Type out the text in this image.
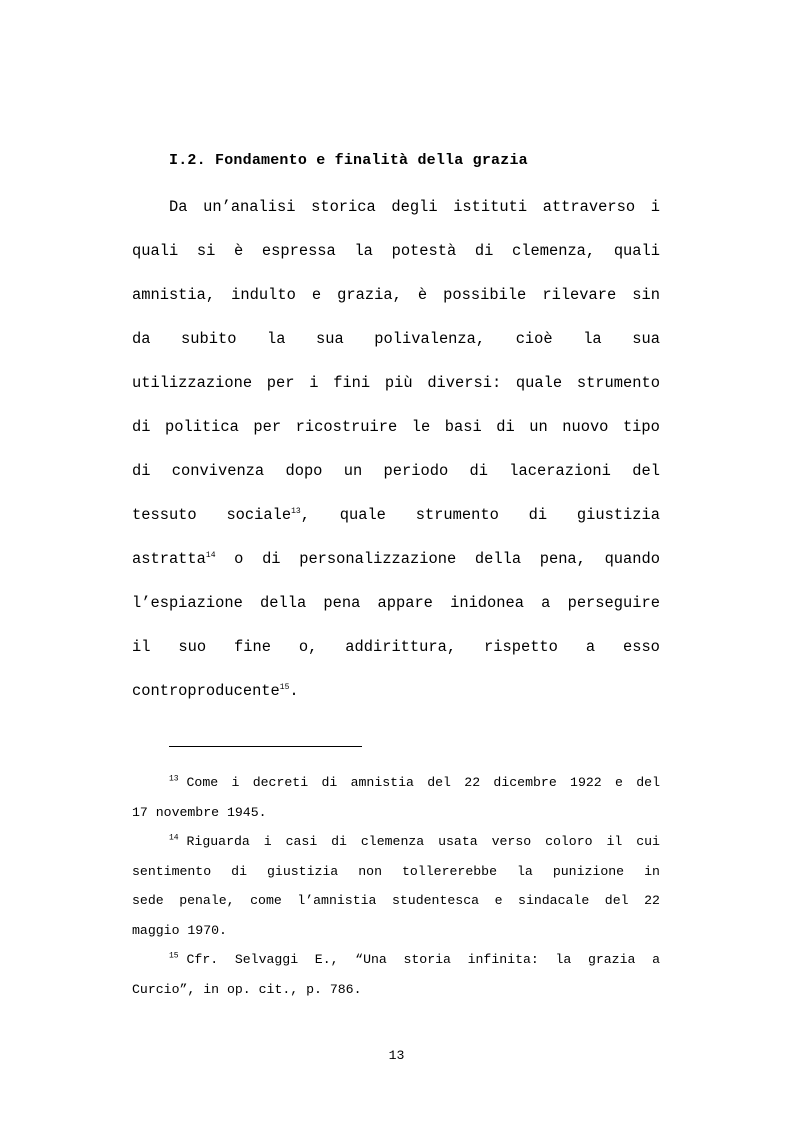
I.2. Fondamento e finalità della grazia
Da un’analisi storica degli istituti attraverso i
quali si è espressa la potestà di clemenza, quali
amnistia, indulto e grazia, è possibile rilevare sin
da subito la sua polivalenza, cioè la sua
utilizzazione per i fini più diversi: quale strumento
di politica per ricostruire le basi di un nuovo tipo
di convivenza dopo un periodo di lacerazioni del
tessuto sociale$^{13}$, quale strumento di giustizia
astratta$^{14}$ o di personalizzazione della pena, quando
l’espiazione della pena appare inidonea a perseguire
il suo fine o, addirittura, rispetto a esso
controproducente$^{15}$.
$^{13}$ Come i decreti di amnistia del 22 dicembre 1922 e del
17 novembre 1945.
$^{14}$ Riguarda i casi di clemenza usata verso coloro il cui
sentimento di giustizia non tollererebbe la punizione in
sede penale, come l’amnistia studentesca e sindacale del 22
maggio 1970.
$^{15}$ Cfr. Selvaggi E., “Una storia infinita: la grazia a
Curcio”, in op. cit., p. 786.
13
